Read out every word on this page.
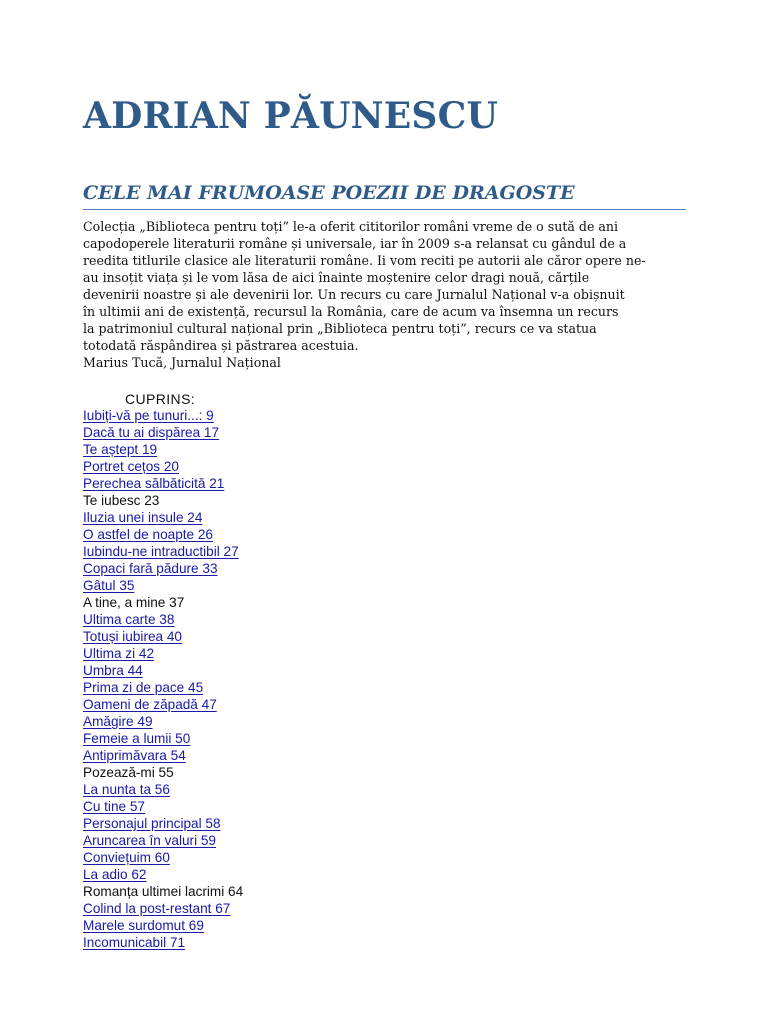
ADRIAN PĂUNESCU
CELE MAI FRUMOASE POEZII DE DRAGOSTE

Colecția „Biblioteca pentru toți” le-a oferit cititorilor români vreme de o sută de ani

capodoperele literaturii române și universale, iar în 2009 s-a relansat cu gândul de a

reedita titlurile clasice ale literaturii române. Ii vom reciti pe autorii ale căror opere ne-

au insoțit viața și le vom lăsa de aici înainte moștenire celor dragi nouă, cărțile

devenirii noastre și ale devenirii lor. Un recurs cu care Jurnalul Național v-a obișnuit

în ultimii ani de existență, recursul la România, care de acum va însemna un recurs

la patrimoniul cultural național prin „Biblioteca pentru toți”, recurs ce va statua

totodată răspândirea și păstrarea acestuia.

Marius Tucă, Jurnalul Național

CUPRINS:
Iubiți-vă pe tunuri...: 9
Dacă tu ai dispărea 17
Te aștept 19
Portret cețos 20
Perechea sălbăticită 21
Te iubesc 23
Iluzia unei insule 24
O astfel de noapte 26
Iubindu-ne intraductibil 27
Copaci fară pădure 33
Gâtul 35
A tine, a mine 37
Ultima carte 38
Totuși iubirea 40
Ultima zi 42
Umbra 44
Prima zi de pace 45
Oameni de zăpadă 47
Amăgire 49
Femeie a lumii 50
Antiprimăvara 54
Pozează-mi 55
La nunta ta 56
Cu tine 57
Personajul principal 58
Aruncarea în valuri 59
Conviețuim 60
La adio 62
Romanța ultimei lacrimi 64
Colind la post-restant 67
Marele surdomut 69
Incomunicabil 71
